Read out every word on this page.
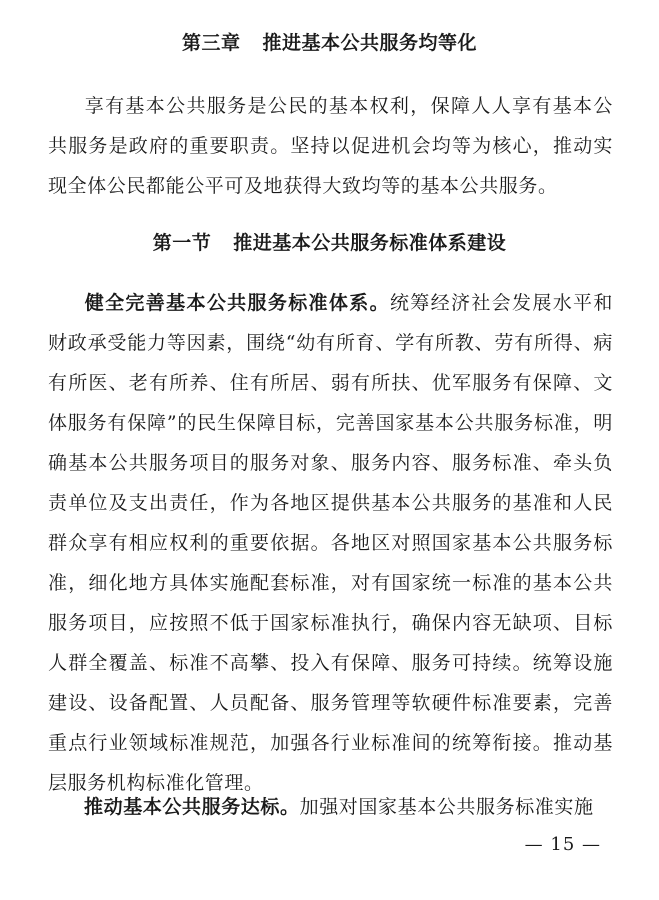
第三章 推进基本公共服务均等化
享有基本公共服务是公民的基本权利，保障人人享有基本公共服务是政府的重要职责。坚持以促进机会均等为核心，推动实现全体公民都能公平可及地获得大致均等的基本公共服务。
第一节 推进基本公共服务标准体系建设
健全完善基本公共服务标准体系。统筹经济社会发展水平和财政承受能力等因素，围绕“幼有所育、学有所教、劳有所得、病有所医、老有所养、住有所居、弱有所扶、优军服务有保障、文体服务有保障”的民生保障目标，完善国家基本公共服务标准，明确基本公共服务项目的服务对象、服务内容、服务标准、牵头负责单位及支出责任，作为各地区提供基本公共服务的基准和人民群众享有相应权利的重要依据。各地区对照国家基本公共服务标准，细化地方具体实施配套标准，对有国家统一标准的基本公共服务项目，应按照不低于国家标准执行，确保内容无缺项、目标人群全覆盖、标准不高攀、投入有保障、服务可持续。统筹设施建设、设备配置、人员配备、服务管理等软硬件标准要素，完善重点行业领域标准规范，加强各行业标准间的统筹衔接。推动基层服务机构标准化管理。
推动基本公共服务达标。加强对国家基本公共服务标准实施
— 15 —
